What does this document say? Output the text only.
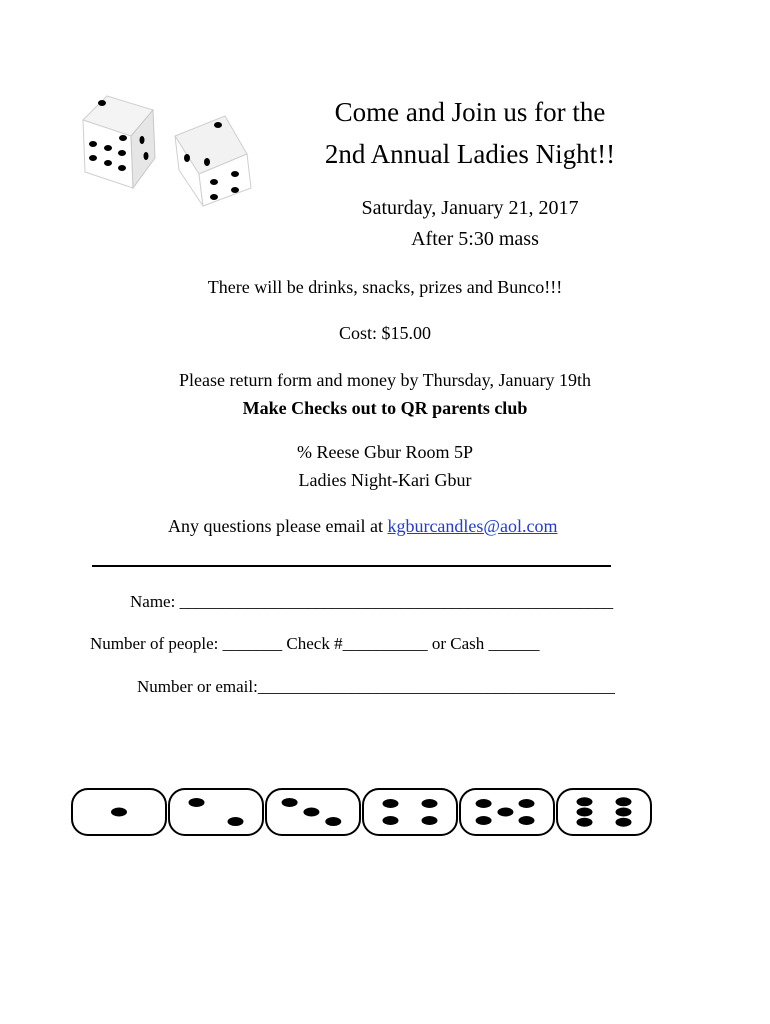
Come and Join us for the
2nd Annual Ladies Night!!
Saturday, January 21, 2017
After 5:30 mass
There will be drinks, snacks, prizes and Bunco!!!
Cost: $15.00
Please return form and money by Thursday, January 19th
Make Checks out to QR parents club
% Reese Gbur Room 5P
Ladies Night-Kari Gbur
Any questions please email at kgburcandles@aol.com
Name: ___________________________________________________
Number of people: _______ Check #__________ or Cash ______
Number or email:__________________________________________
